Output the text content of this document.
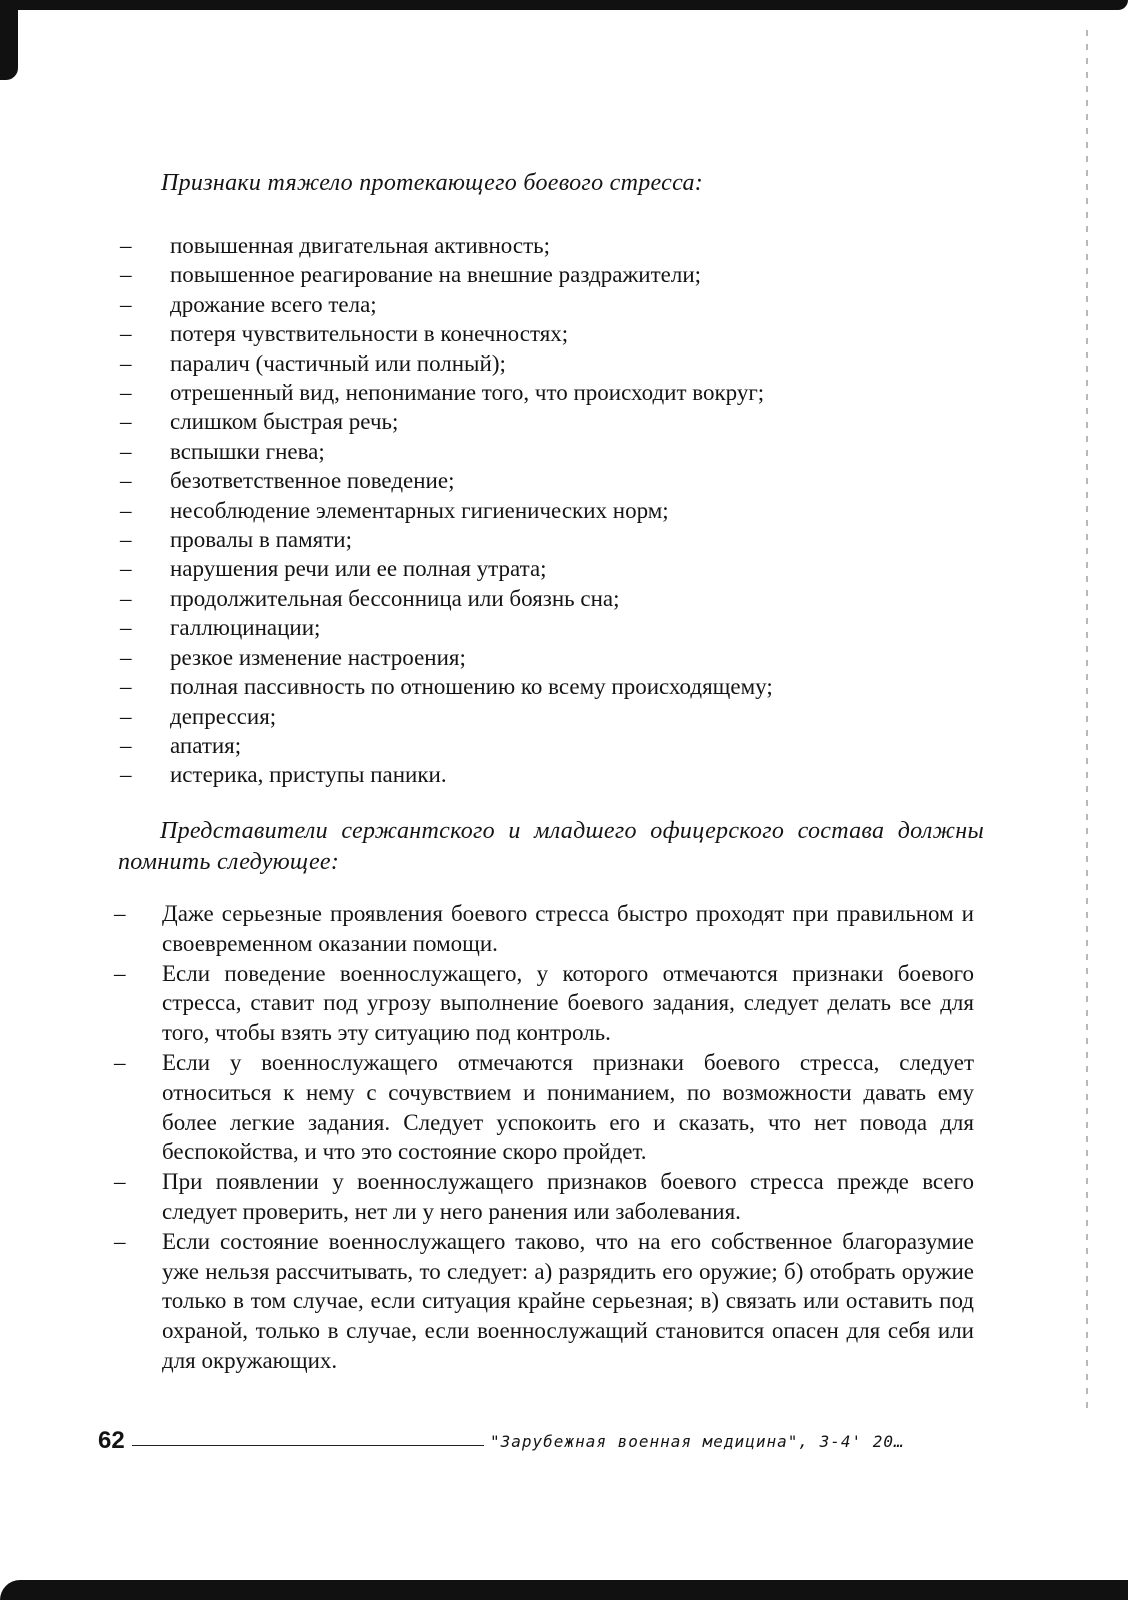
Признаки тяжело протекающего боевого стресса:
– повышенная двигательная активность;
– повышенное реагирование на внешние раздражители;
– дрожание всего тела;
– потеря чувствительности в конечностях;
– паралич (частичный или полный);
– отрешенный вид, непонимание того, что происходит вокруг;
– слишком быстрая речь;
– вспышки гнева;
– безответственное поведение;
– несоблюдение элементарных гигиенических норм;
– провалы в памяти;
– нарушения речи или ее полная утрата;
– продолжительная бессонница или боязнь сна;
– галлюцинации;
– резкое изменение настроения;
– полная пассивность по отношению ко всему происходящему;
– депрессия;
– апатия;
– истерика, приступы паники.
Представители сержантского и младшего офицерского состава должны помнить следующее:
– Даже серьезные проявления боевого стресса быстро проходят при правильном и своевременном оказании помощи.
– Если поведение военнослужащего, у которого отмечаются признаки боевого стресса, ставит под угрозу выполнение боевого задания, следует делать все для того, чтобы взять эту ситуацию под контроль.
– Если у военнослужащего отмечаются признаки боевого стресса, следует относиться к нему с сочувствием и пониманием, по возможности давать ему более легкие задания. Следует успокоить его и сказать, что нет повода для беспокойства, и что это состояние скоро пройдет.
– При появлении у военнослужащего признаков боевого стресса прежде всего следует проверить, нет ли у него ранения или заболевания.
– Если состояние военнослужащего таково, что на его собственное благоразумие уже нельзя рассчитывать, то следует: а) разрядить его оружие; б) отобрать оружие только в том случае, если ситуация крайне серьезная; в) связать или оставить под охраной, только в случае, если военнослужащий становится опасен для себя или для окружающих.
62	"Зарубежная военная медицина", 3-4' 20…
